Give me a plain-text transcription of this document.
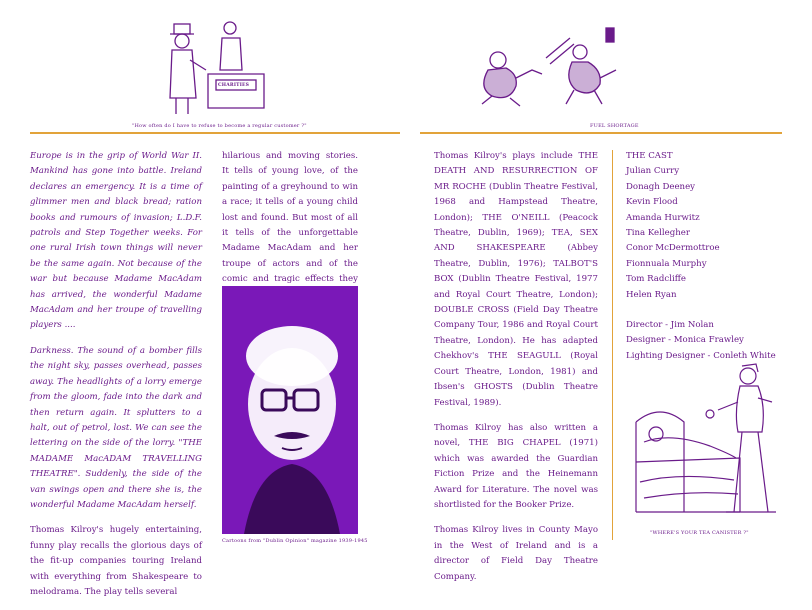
CHARITIES
"How often do I have to refuse to become a regular customer ?"	FUEL SHORTAGE

Europe is in the grip of World War II. Mankind has gone into battle. Ireland declares an emergency. It is a time of glimmer men and black bread; ration books and rumours of invasion; L.D.F. patrols and Step Together weeks. For one rural Irish town things will never be the same again. Not because of the war but because Madame MacAdam has arrived, the wonderful Madame MacAdam and her troupe of travelling players ....

Darkness. The sound of a bomber fills the night sky, passes overhead, passes away. The headlights of a lorry emerge from the gloom, fade into the dark and then return again. It splutters to a halt, out of petrol, lost. We can see the lettering on the side of the lorry. "THE MADAME MacADAM TRAVELLING THEATRE". Suddenly, the side of the van swings open and there she is, the wonderful Madame MacAdam herself.

Thomas Kilroy's hugely entertaining, funny play recalls the glorious days of the fit-up companies touring Ireland with everything from Shakespeare to melodrama. The play tells several

hilarious and moving stories. It tells of young love, of the painting of a greyhound to win a race; it tells of a young child lost and found. But most of all it tells of the unforgettable Madame MacAdam and her troupe of actors and of the comic and tragic effects they

Cartoons from "Dublin Opinion" magazine 1939-1945

Thomas Kilroy's plays include THE DEATH AND RESURRECTION OF MR ROCHE (Dublin Theatre Festival, 1968 and Hampstead Theatre, London); THE O'NEILL (Peacock Theatre, Dublin, 1969); TEA, SEX AND SHAKESPEARE (Abbey Theatre, Dublin, 1976); TALBOT'S BOX (Dublin Theatre Festival, 1977 and Royal Court Theatre, London); DOUBLE CROSS (Field Day Theatre Company Tour, 1986 and Royal Court Theatre, London). He has adapted Chekhov's THE SEAGULL (Royal Court Theatre, London, 1981) and Ibsen's GHOSTS (Dublin Theatre Festival, 1989).

Thomas Kilroy has also written a novel, THE BIG CHAPEL (1971) which was awarded the Guardian Fiction Prize and the Heinemann Award for Literature. The novel was shortlisted for the Booker Prize.

Thomas Kilroy lives in County Mayo in the West of Ireland and is a director of Field Day Theatre Company.

THE CAST
Julian Curry
Donagh Deeney
Kevin Flood
Amanda Hurwitz
Tina Kellegher
Conor McDermottroe
Fionnuala Murphy
Tom Radcliffe
Helen Ryan
Director - Jim Nolan
Designer - Monica Frawley
Lighting Designer - Conleth White
"WHERE'S YOUR TEA CANISTER ?"
